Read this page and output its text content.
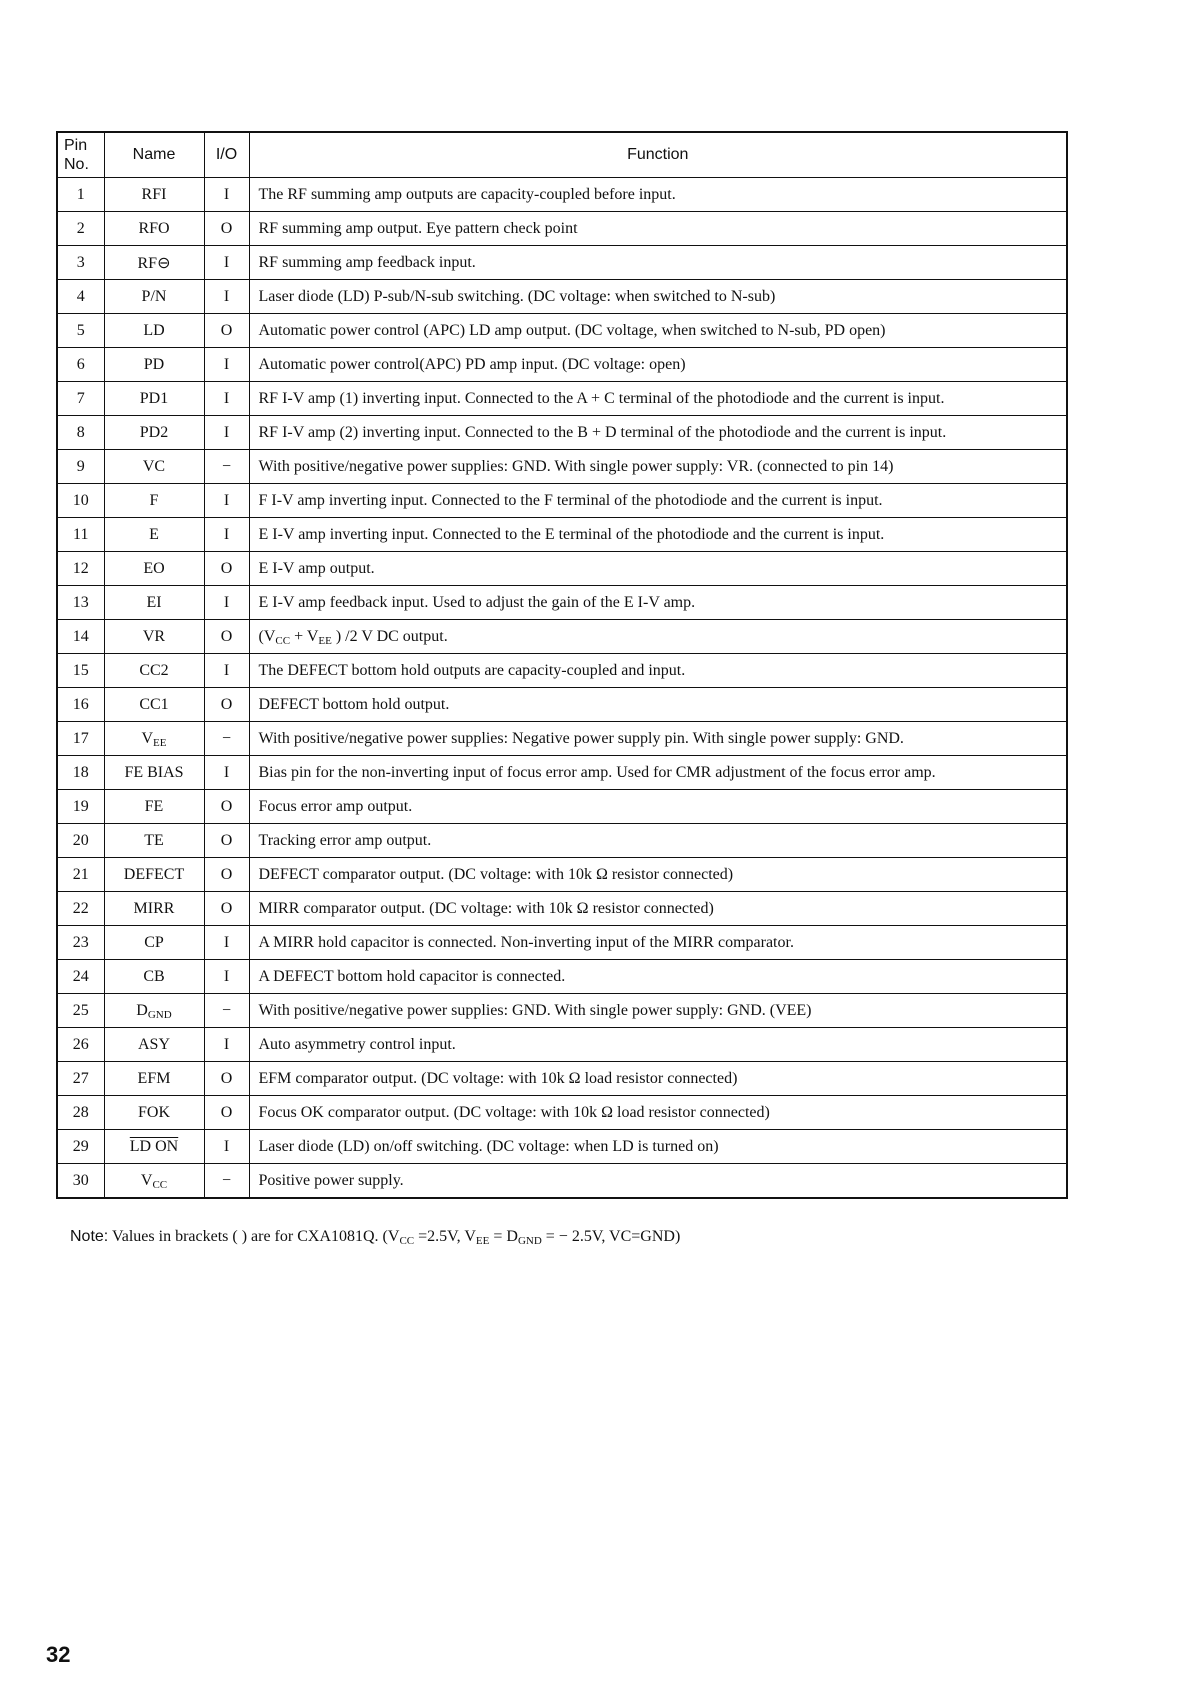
Pin
No.	Name	I/O	Function
1	RFI	I	The RF summing amp outputs are capacity-coupled before input.
2	RFO	O	RF summing amp output. Eye pattern check point
3	RF⊖	I	RF summing amp feedback input.
4	P/N	I	Laser diode (LD) P-sub/N-sub switching. (DC voltage: when switched to N-sub)
5	LD	O	Automatic power control (APC) LD amp output. (DC voltage, when switched to N-sub, PD open)
6	PD	I	Automatic power control(APC) PD amp input. (DC voltage: open)
7	PD1	I	RF I-V amp (1) inverting input. Connected to the A + C terminal of the photodiode and the current is input.
8	PD2	I	RF I-V amp (2) inverting input. Connected to the B + D terminal of the photodiode and the current is input.
9	VC	−	With positive/negative power supplies: GND. With single power supply: VR. (connected to pin 14)
10	F	I	F I-V amp inverting input. Connected to the F terminal of the photodiode and the current is input.
11	E	I	E I-V amp inverting input. Connected to the E terminal of the photodiode and the current is input.
12	EO	O	E I-V amp output.
13	EI	I	E I-V amp feedback input. Used to adjust the gain of the E I-V amp.
14	VR	O	($V_{CC} + V_{EE}$ ) /2 V DC output.
15	CC2	I	The DEFECT bottom hold outputs are capacity-coupled and input.
16	CC1	O	DEFECT bottom hold output.
17	$V_{EE}$	−	With positive/negative power supplies: Negative power supply pin. With single power supply: GND.
18	FE BIAS	I	Bias pin for the non-inverting input of focus error amp. Used for CMR adjustment of the focus error amp.
19	FE	O	Focus error amp output.
20	TE	O	Tracking error amp output.
21	DEFECT	O	DEFECT comparator output. (DC voltage: with 10k Ω resistor connected)
22	MIRR	O	MIRR comparator output. (DC voltage: with 10k Ω resistor connected)
23	CP	I	A MIRR hold capacitor is connected. Non-inverting input of the MIRR comparator.
24	CB	I	A DEFECT bottom hold capacitor is connected.
25	$D_{GND}$	−	With positive/negative power supplies: GND. With single power supply: GND. (VEE)
26	ASY	I	Auto asymmetry control input.
27	EFM	O	EFM comparator output. (DC voltage: with 10k Ω load resistor connected)
28	FOK	O	Focus OK comparator output. (DC voltage: with 10k Ω load resistor connected)
29	LD ON	I	Laser diode (LD) on/off switching. (DC voltage: when LD is turned on)
30	$V_{CC}$	−	Positive power supply.
Note: Values in brackets ( ) are for CXA1081Q. ($V_{CC} =2.5V$, $V_{EE} = D_{GND}$ = − 2.5V, VC=GND)
32
